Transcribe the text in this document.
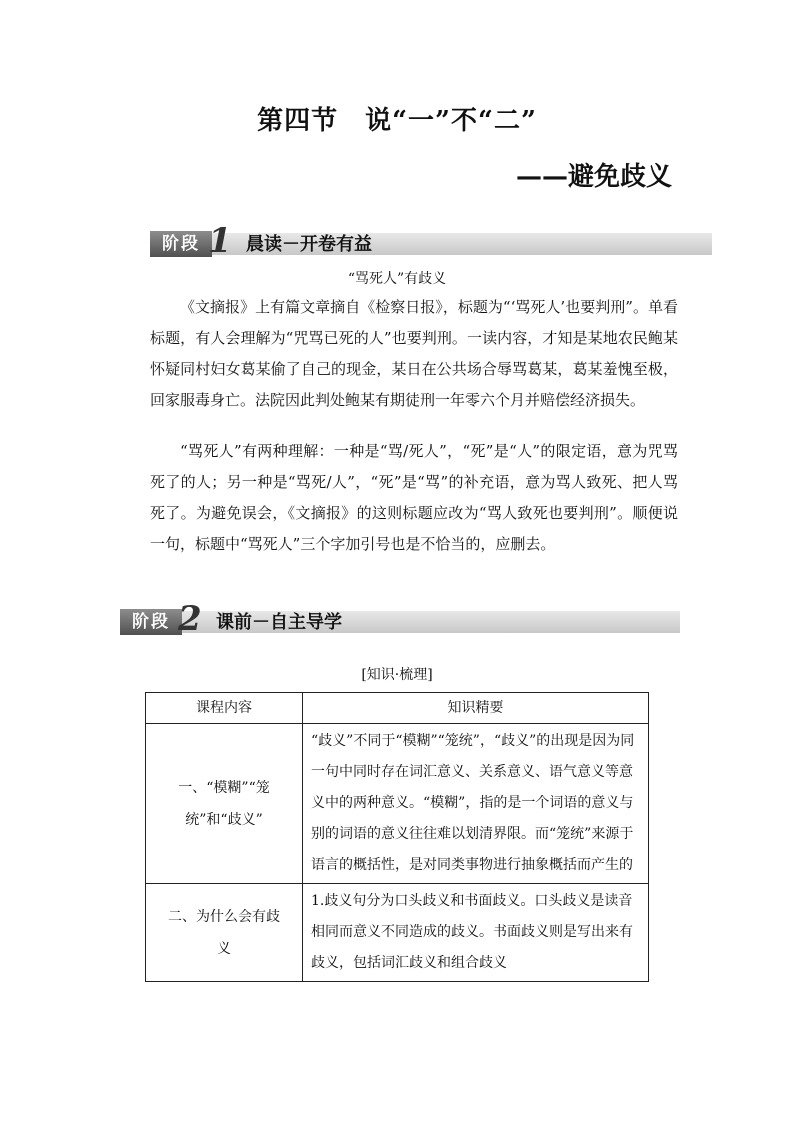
第四节　说“一”不“二”
——避免歧义
阶段 1 晨读－开卷有益
“骂死人”有歧义
《文摘报》上有篇文章摘自《检察日报》，标题为“‘骂死人’也要判刑”。单看标题，有人会理解为“咒骂已死的人”也要判刑。一读内容，才知是某地农民鲍某怀疑同村妇女葛某偷了自己的现金，某日在公共场合辱骂葛某，葛某羞愧至极，回家服毒身亡。法院因此判处鲍某有期徒刑一年零六个月并赔偿经济损失。
“骂死人”有两种理解：一种是“骂/死人”，“死”是“人”的限定语，意为咒骂死了的人；另一种是“骂死/人”，“死”是“骂”的补充语，意为骂人致死、把人骂死了。为避免误会，《文摘报》的这则标题应改为“骂人致死也要判刑”。顺便说一句，标题中“骂死人”三个字加引号也是不恰当的，应删去。
阶段 2 课前－自主导学
[知识·梳理]
课程内容	知识精要
一、“模糊”“笼统”和“歧义”	“歧义”不同于“模糊”“笼统”，“歧义”的出现是因为同一句中同时存在词汇意义、关系意义、语气意义等意义中的两种意义。“模糊”，指的是一个词语的意义与别的词语的意义往往难以划清界限。而“笼统”来源于语言的概括性，是对同类事物进行抽象概括而产生的
二、为什么会有歧义	1.歧义句分为口头歧义和书面歧义。口头歧义是读音相同而意义不同造成的歧义。书面歧义则是写出来有歧义，包括词汇歧义和组合歧义
